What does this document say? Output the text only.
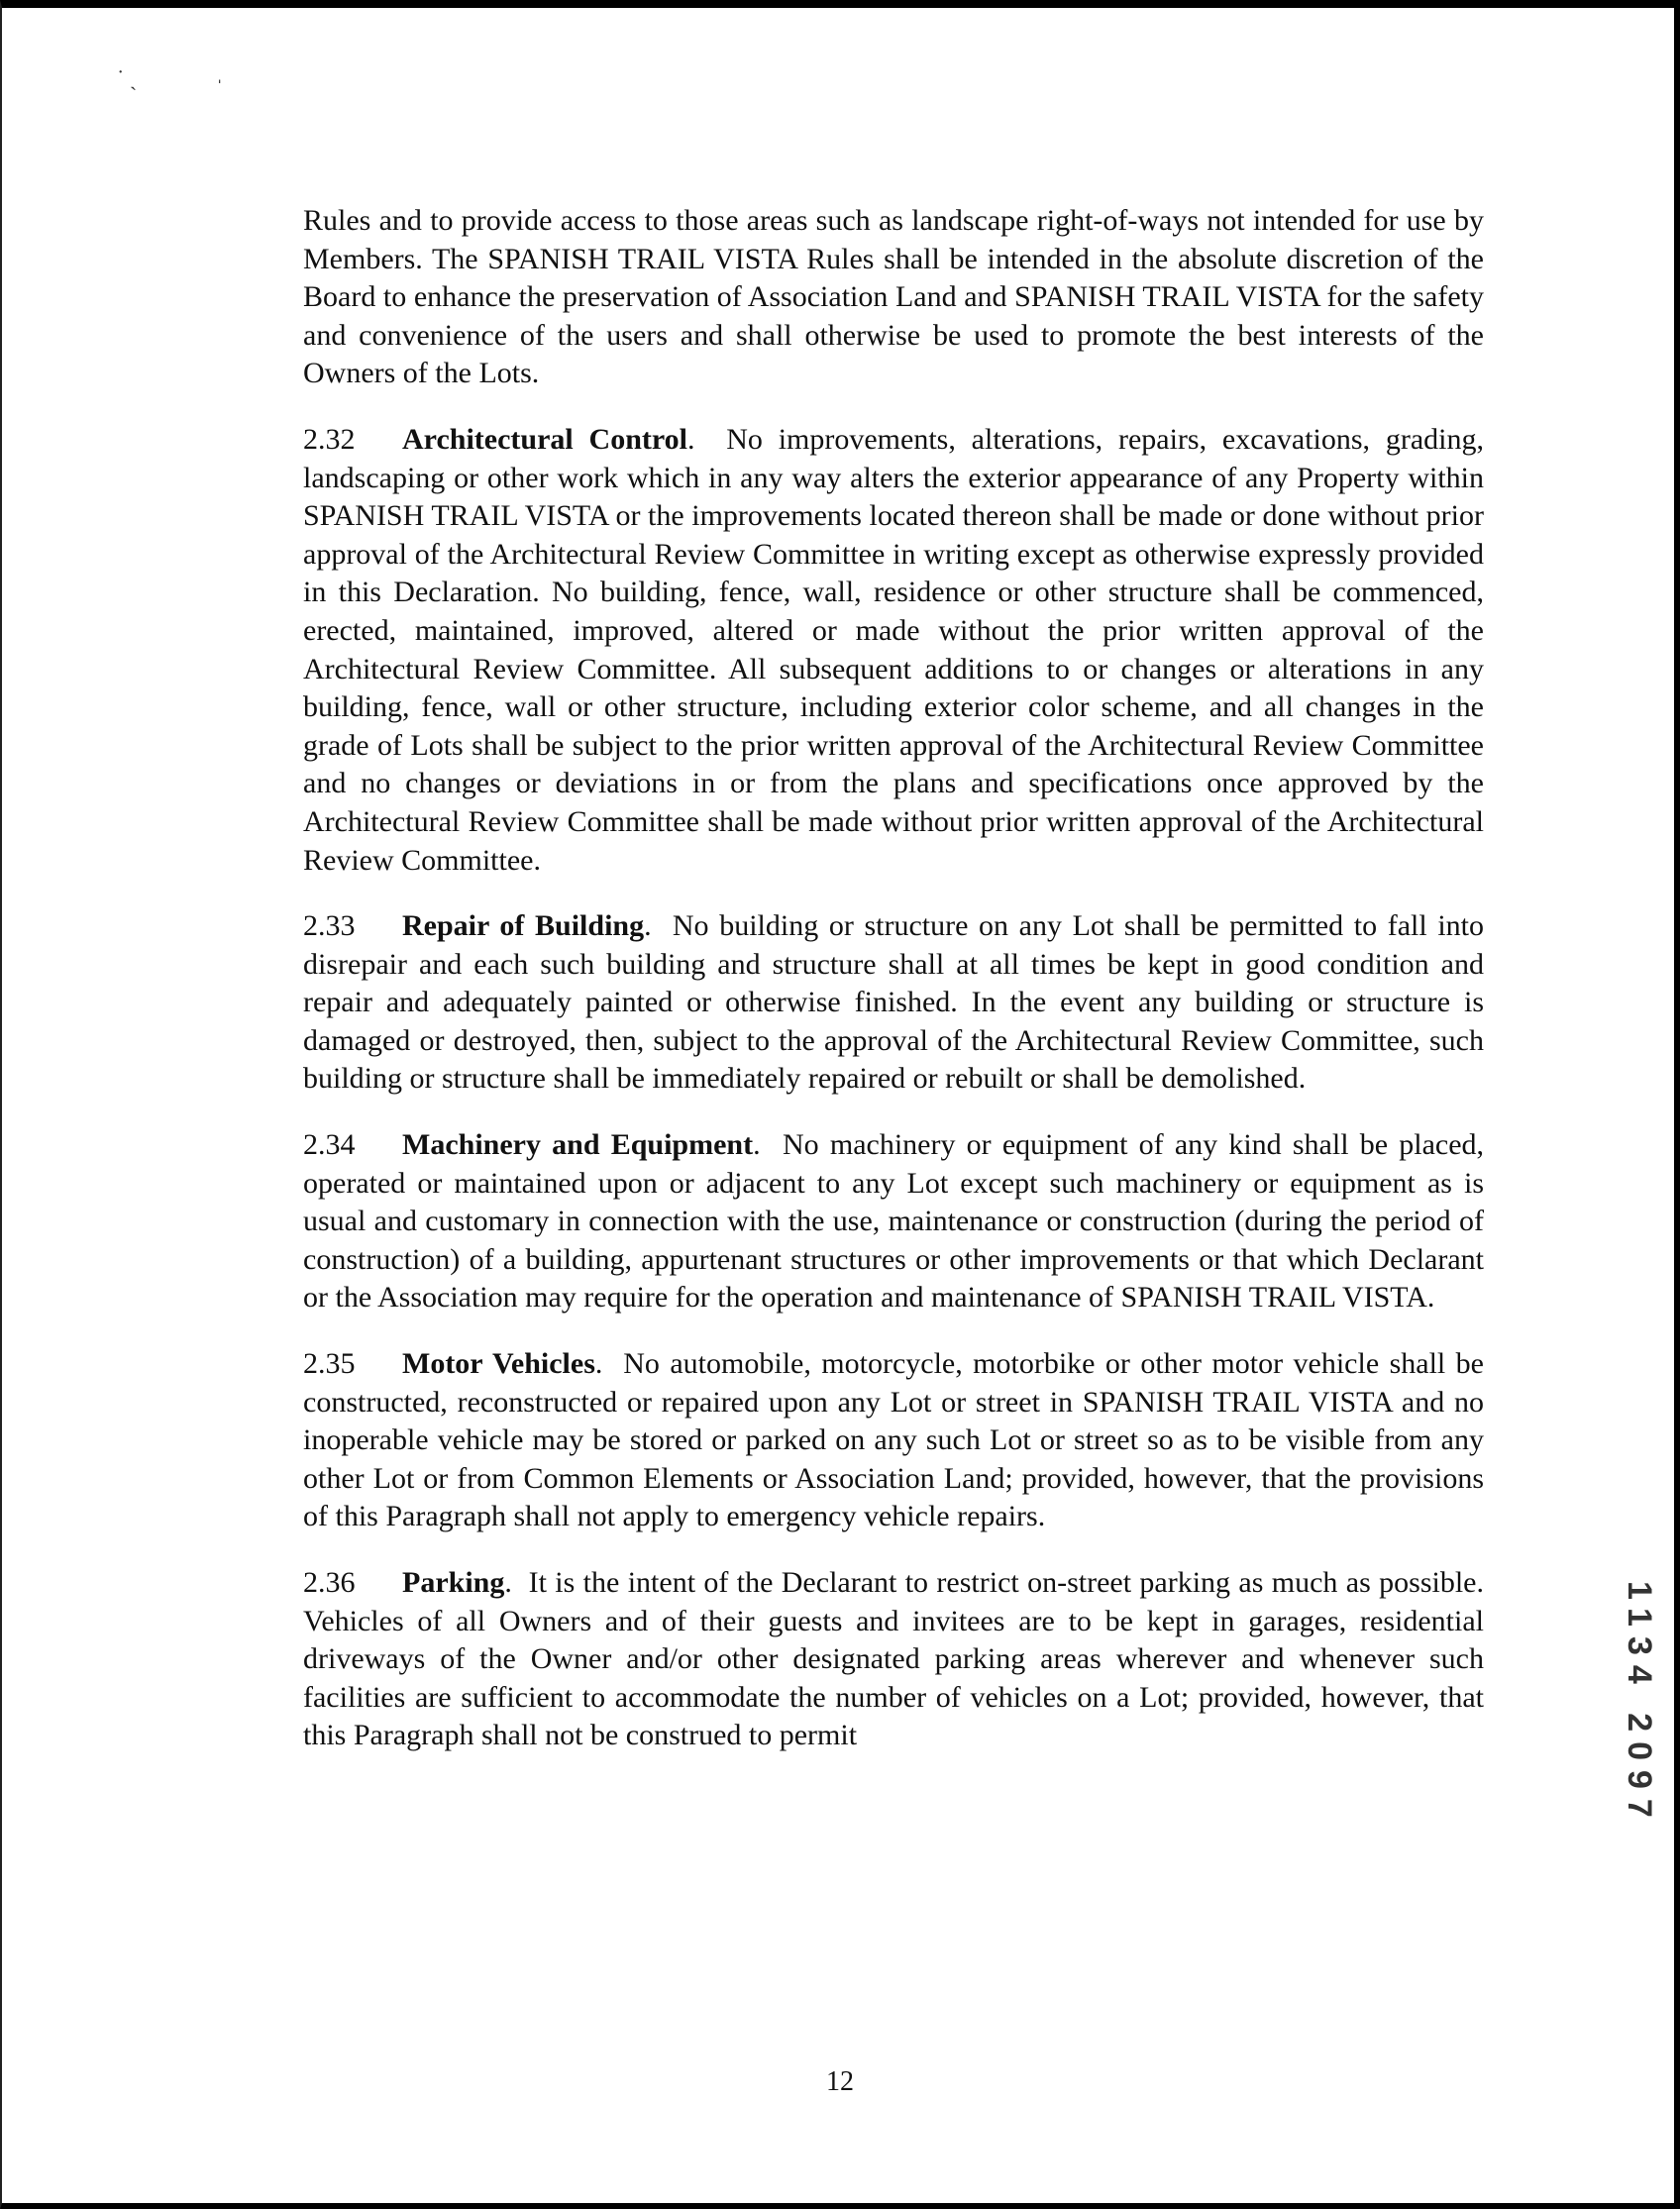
˙ ˏ	ˈ

Rules and to provide access to those areas such as landscape right-of-ways not intended for use by Members. The SPANISH TRAIL VISTA Rules shall be intended in the absolute discretion of the Board to enhance the preservation of Association Land and SPANISH TRAIL VISTA for the safety and convenience of the users and shall otherwise be used to promote the best interests of the Owners of the Lots.

2.32 Architectural Control.  No improvements, alterations, repairs, excavations, grading, landscaping or other work which in any way alters the exterior appearance of any Property within SPANISH TRAIL VISTA or the improvements located thereon shall be made or done without prior approval of the Architectural Review Committee in writing except as otherwise expressly provided in this Declaration. No building, fence, wall, residence or other structure shall be commenced, erected, maintained, improved, altered or made without the prior written approval of the Architectural Review Committee. All subsequent additions to or changes or alterations in any building, fence, wall or other structure, including exterior color scheme, and all changes in the grade of Lots shall be subject to the prior written approval of the Architectural Review Committee and no changes or deviations in or from the plans and specifications once approved by the Architectural Review Committee shall be made without prior written approval of the Architectural Review Committee.

2.33 Repair of Building.  No building or structure on any Lot shall be permitted to fall into disrepair and each such building and structure shall at all times be kept in good condition and repair and adequately painted or otherwise finished. In the event any building or structure is damaged or destroyed, then, subject to the approval of the Architectural Review Committee, such building or structure shall be immediately repaired or rebuilt or shall be demolished.

2.34 Machinery and Equipment.  No machinery or equipment of any kind shall be placed, operated or maintained upon or adjacent to any Lot except such machinery or equipment as is usual and customary in connection with the use, maintenance or construction (during the period of construction) of a building, appurtenant structures or other improvements or that which Declarant or the Association may require for the operation and maintenance of SPANISH TRAIL VISTA.

2.35 Motor Vehicles.  No automobile, motorcycle, motorbike or other motor vehicle shall be constructed, reconstructed or repaired upon any Lot or street in SPANISH TRAIL VISTA and no inoperable vehicle may be stored or parked on any such Lot or street so as to be visible from any other Lot or from Common Elements or Association Land; provided, however, that the provisions of this Paragraph shall not apply to emergency vehicle repairs.

2.36 Parking.  It is the intent of the Declarant to restrict on-street parking as much as possible. Vehicles of all Owners and of their guests and invitees are to be kept in garages, residential driveways of the Owner and/or other designated parking areas wherever and whenever such facilities are sufficient to accommodate the number of vehicles on a Lot; provided, however, that this Paragraph shall not be construed to permit	1134 2097
12
